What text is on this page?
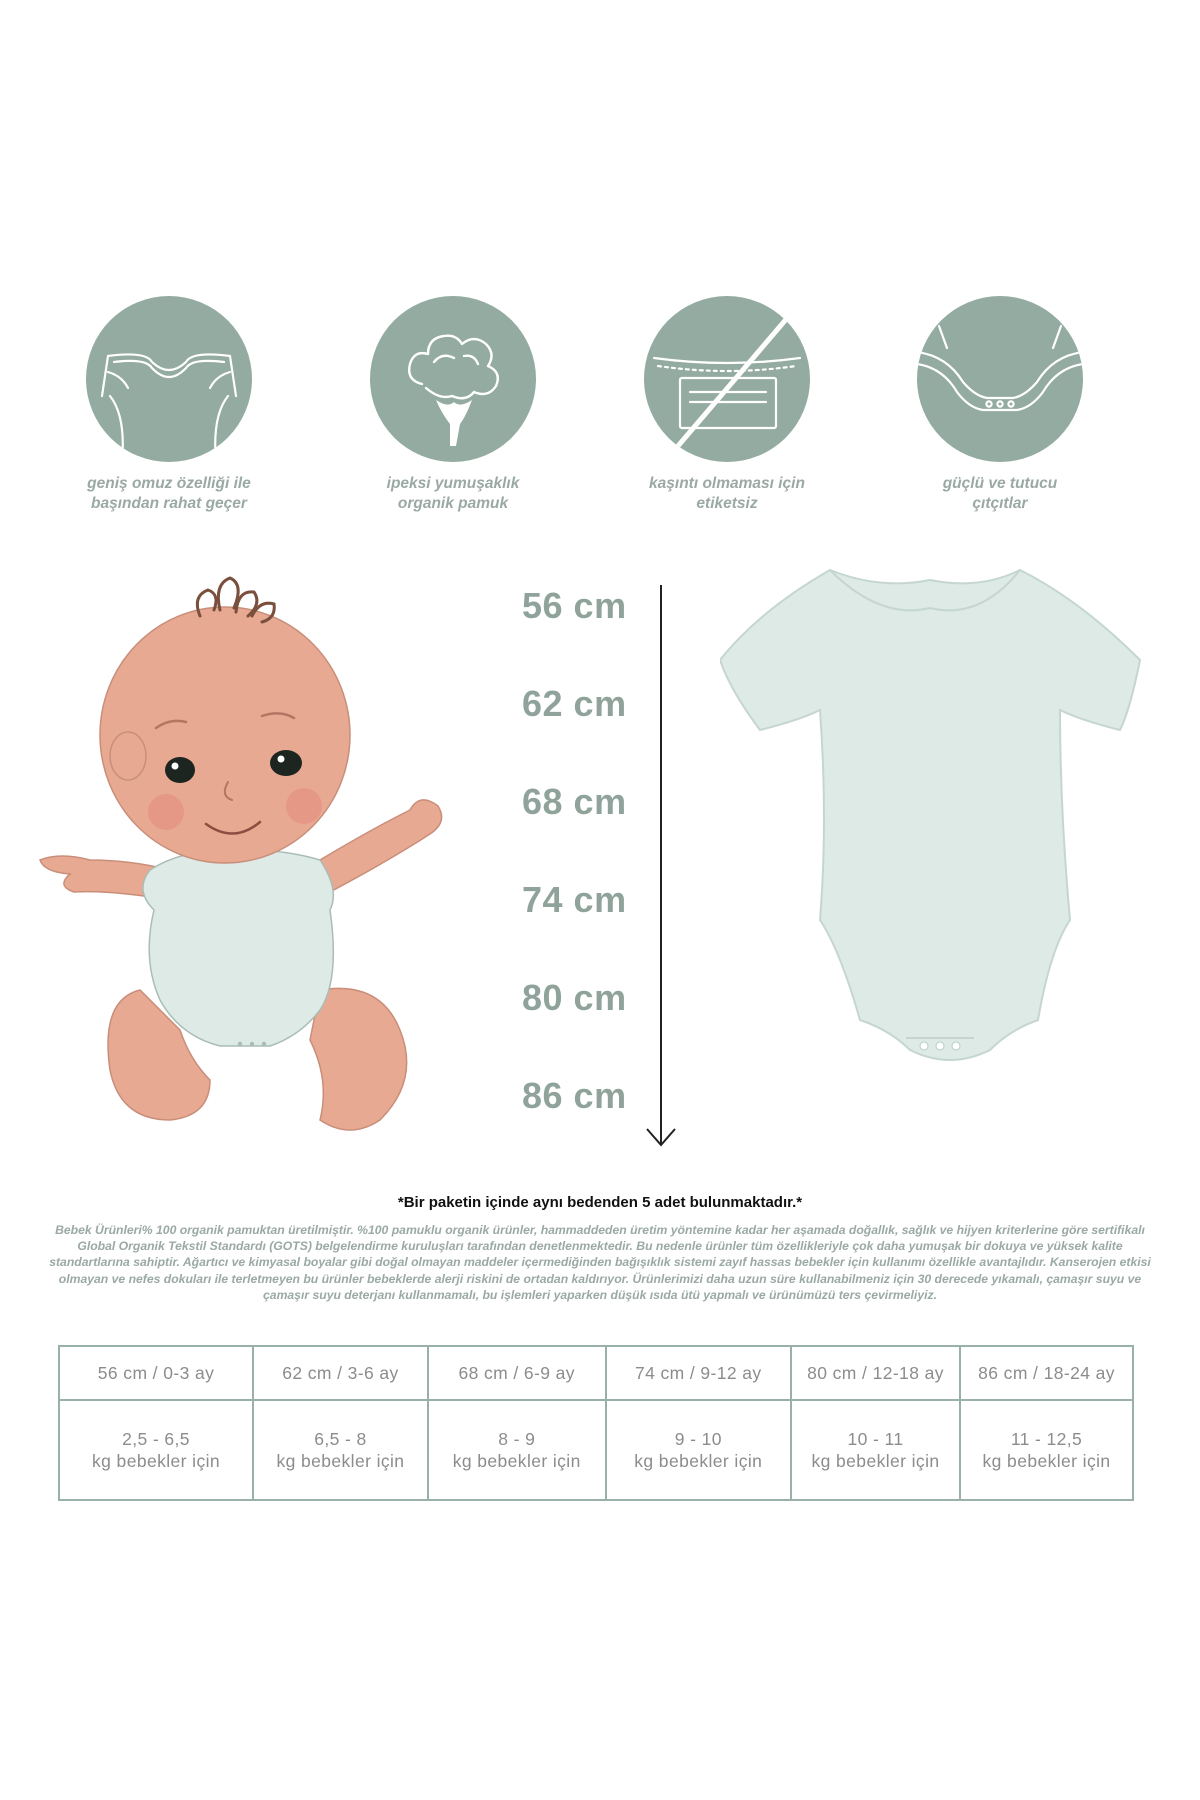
geniş omuz özelliği ile
başından rahat geçer
ipeksi yumuşaklık
organik pamuk
kaşıntı olmaması için
etiketsiz
güçlü ve tutucu
çıtçıtlar
56 cm
62 cm
68 cm
74 cm
80 cm
86 cm
*Bir paketin içinde aynı bedenden 5 adet bulunmaktadır.*
Bebek Ürünleri% 100 organik pamuktan üretilmiştir. %100 pamuklu organik ürünler, hammaddeden üretim yöntemine kadar her aşamada doğallık, sağlık ve hijyen kriterlerine göre sertifikalı Global Organik Tekstil Standardı (GOTS) belgelendirme kuruluşları tarafından denetlenmektedir. Bu nedenle ürünler tüm özellikleriyle çok daha yumuşak bir dokuya ve yüksek kalite standartlarına sahiptir. Ağartıcı ve kimyasal boyalar gibi doğal olmayan maddeler içermediğinden bağışıklık sistemi zayıf hassas bebekler için kullanımı özellikle avantajlıdır. Kanserojen etkisi olmayan ve nefes dokuları ile terletmeyen bu ürünler bebeklerde alerji riskini de ortadan kaldırıyor. Ürünlerimizi daha uzun süre kullanabilmeniz için 30 derecede yıkamalı, çamaşır suyu ve çamaşır suyu deterjanı kullanmamalı, bu işlemleri yaparken düşük ısıda ütü yapmalı ve ürünümüzü ters çevirmeliyiz.
56 cm / 0-3 ay	62 cm / 3-6 ay	68 cm / 6-9 ay	74 cm / 9-12 ay	80 cm / 12-18 ay	86 cm / 18-24 ay

2,5 - 6,5
kg bebekler için	6,5 - 8
kg bebekler için	8 - 9
kg bebekler için	9 - 10
kg bebekler için	10 - 11
kg bebekler için	11 - 12,5
kg bebekler için
